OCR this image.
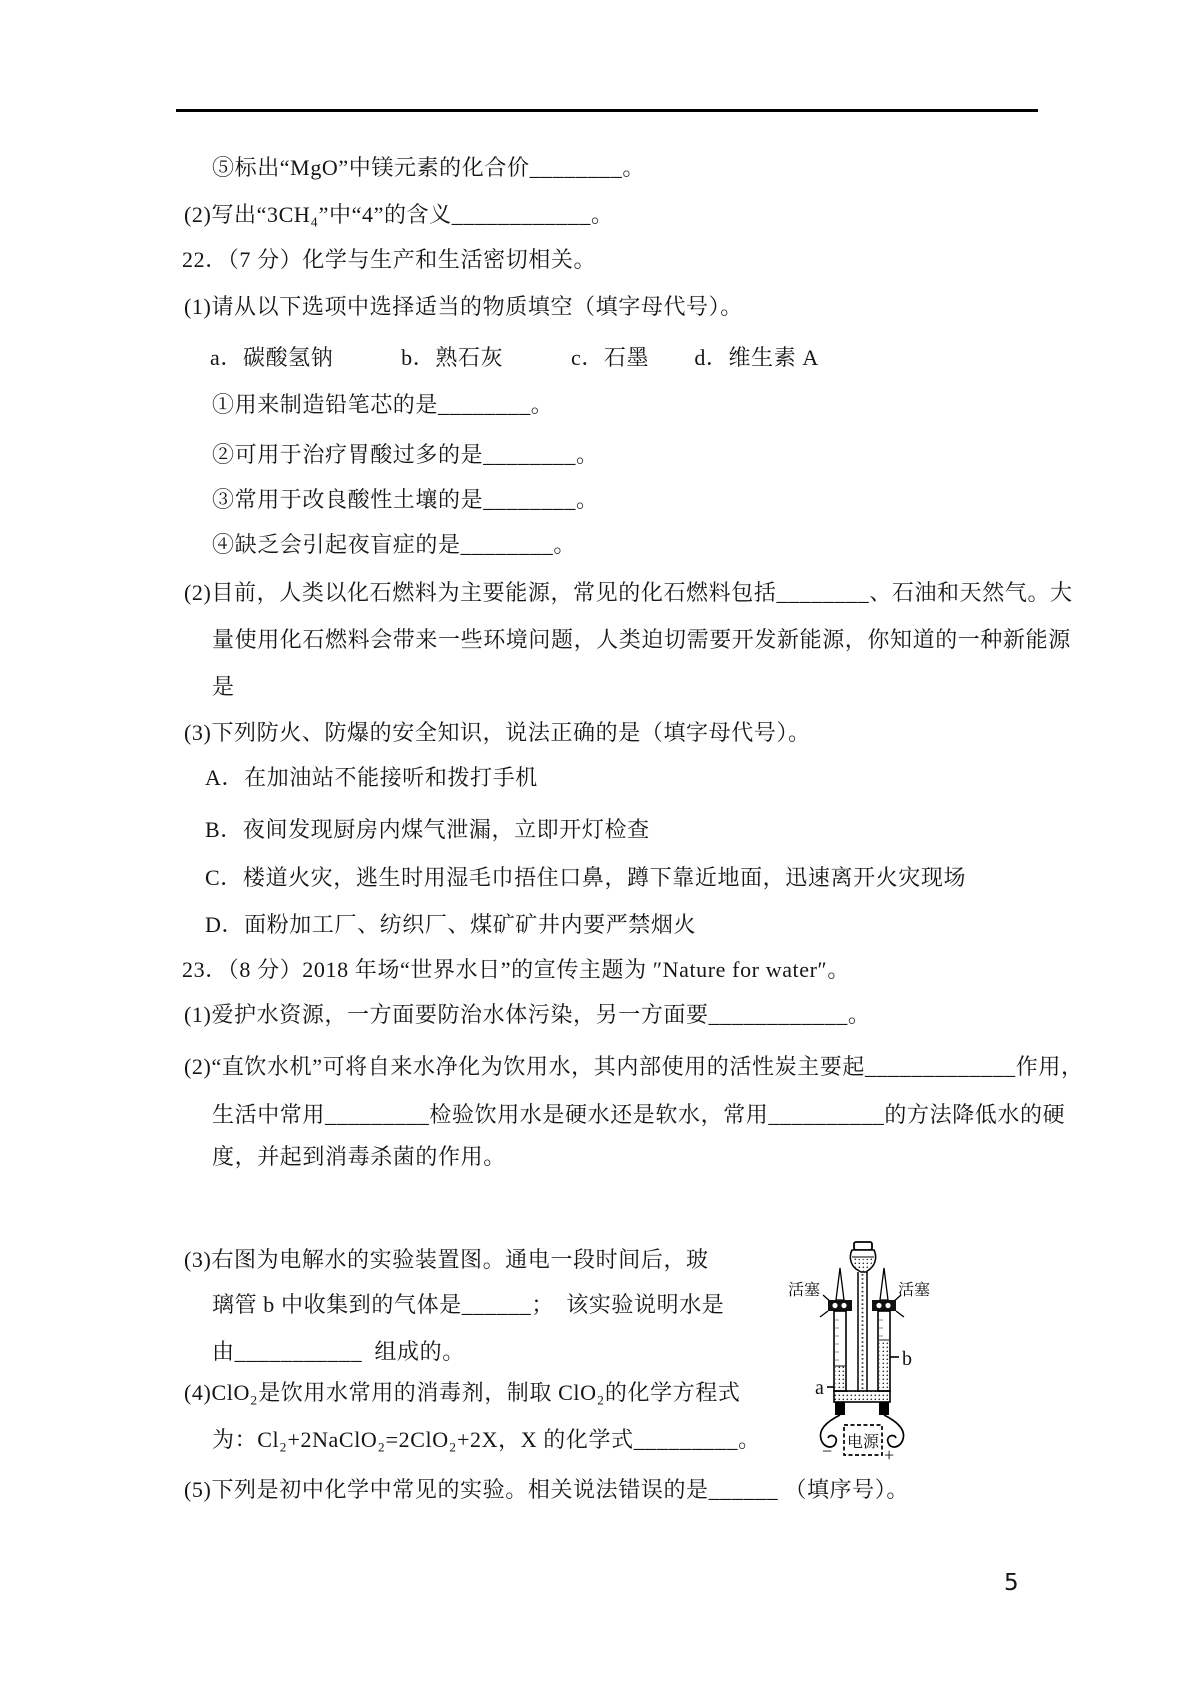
⑤标出“MgO”中镁元素的化合价________。
(2)写出“3CH₄”中“4”的含义____________。
22．（7 分）化学与生产和生活密切相关。
(1)请从以下选项中选择适当的物质填空（填字母代号）。
a．碳酸氢钠　　　b．熟石灰　　　c．石墨　　d．维生素 A
①用来制造铅笔芯的是________。
②可用于治疗胃酸过多的是________。
③常用于改良酸性土壤的是________。
④缺乏会引起夜盲症的是________。
(2)目前，人类以化石燃料为主要能源，常见的化石燃料包括________、石油和天然气。大
量使用化石燃料会带来一些环境问题，人类迫切需要开发新能源，你知道的一种新能源
是
(3)下列防火、防爆的安全知识，说法正确的是（填字母代号）。
A．在加油站不能接听和拨打手机
B．夜间发现厨房内煤气泄漏，立即开灯检查
C．楼道火灾，逃生时用湿毛巾捂住口鼻，蹲下靠近地面，迅速离开火灾现场
D．面粉加工厂、纺织厂、煤矿矿井内要严禁烟火
23．（8 分）2018 年场“世界水日”的宣传主题为 ″Nature for water″。
(1)爱护水资源，一方面要防治水体污染，另一方面要____________。
(2)“直饮水机”可将自来水净化为饮用水，其内部使用的活性炭主要起_____________作用，
生活中常用_________检验饮用水是硬水还是软水，常用__________的方法降低水的硬
度，并起到消毒杀菌的作用。
(3)右图为电解水的实验装置图。通电一段时间后，玻
璃管 b 中收集到的气体是______；  该实验说明水是
由___________  组成的。
(4)ClO₂是饮用水常用的消毒剂，制取 ClO₂的化学方程式
为：Cl₂+2NaClO₂=2ClO₂+2X，X 的化学式_________。
(5)下列是初中化学中常见的实验。相关说法错误的是______ （填序号）。
电源
−	+
活塞	活塞
a
b
5
